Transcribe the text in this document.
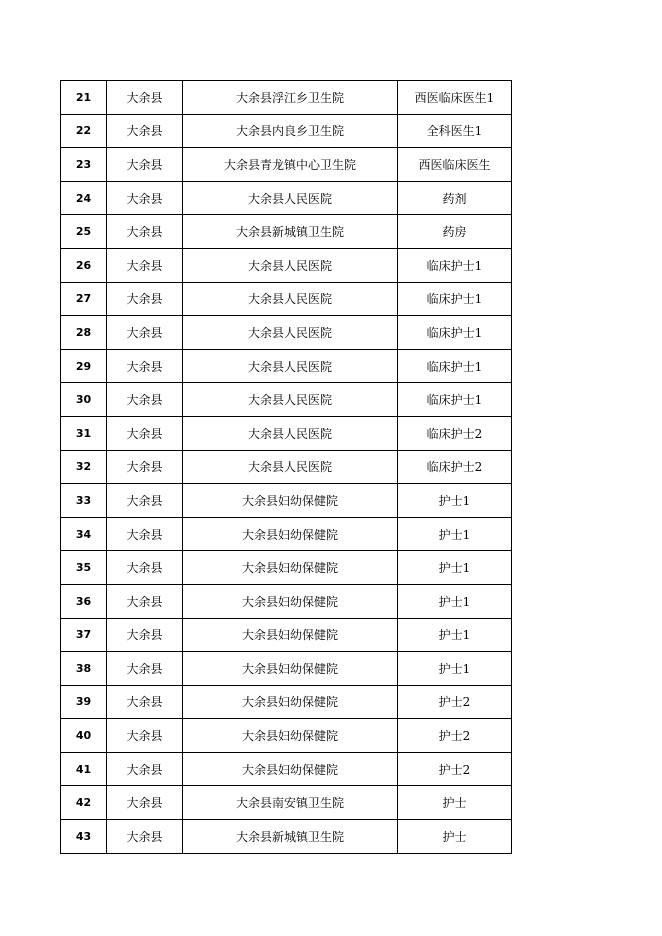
21	大余县	大余县浮江乡卫生院	西医临床医生1
22	大余县	大余县内良乡卫生院	全科医生1
23	大余县	大余县青龙镇中心卫生院	西医临床医生
24	大余县	大余县人民医院	药剂
25	大余县	大余县新城镇卫生院	药房
26	大余县	大余县人民医院	临床护士1
27	大余县	大余县人民医院	临床护士1
28	大余县	大余县人民医院	临床护士1
29	大余县	大余县人民医院	临床护士1
30	大余县	大余县人民医院	临床护士1
31	大余县	大余县人民医院	临床护士2
32	大余县	大余县人民医院	临床护士2
33	大余县	大余县妇幼保健院	护士1
34	大余县	大余县妇幼保健院	护士1
35	大余县	大余县妇幼保健院	护士1
36	大余县	大余县妇幼保健院	护士1
37	大余县	大余县妇幼保健院	护士1
38	大余县	大余县妇幼保健院	护士1
39	大余县	大余县妇幼保健院	护士2
40	大余县	大余县妇幼保健院	护士2
41	大余县	大余县妇幼保健院	护士2
42	大余县	大余县南安镇卫生院	护士
43	大余县	大余县新城镇卫生院	护士
